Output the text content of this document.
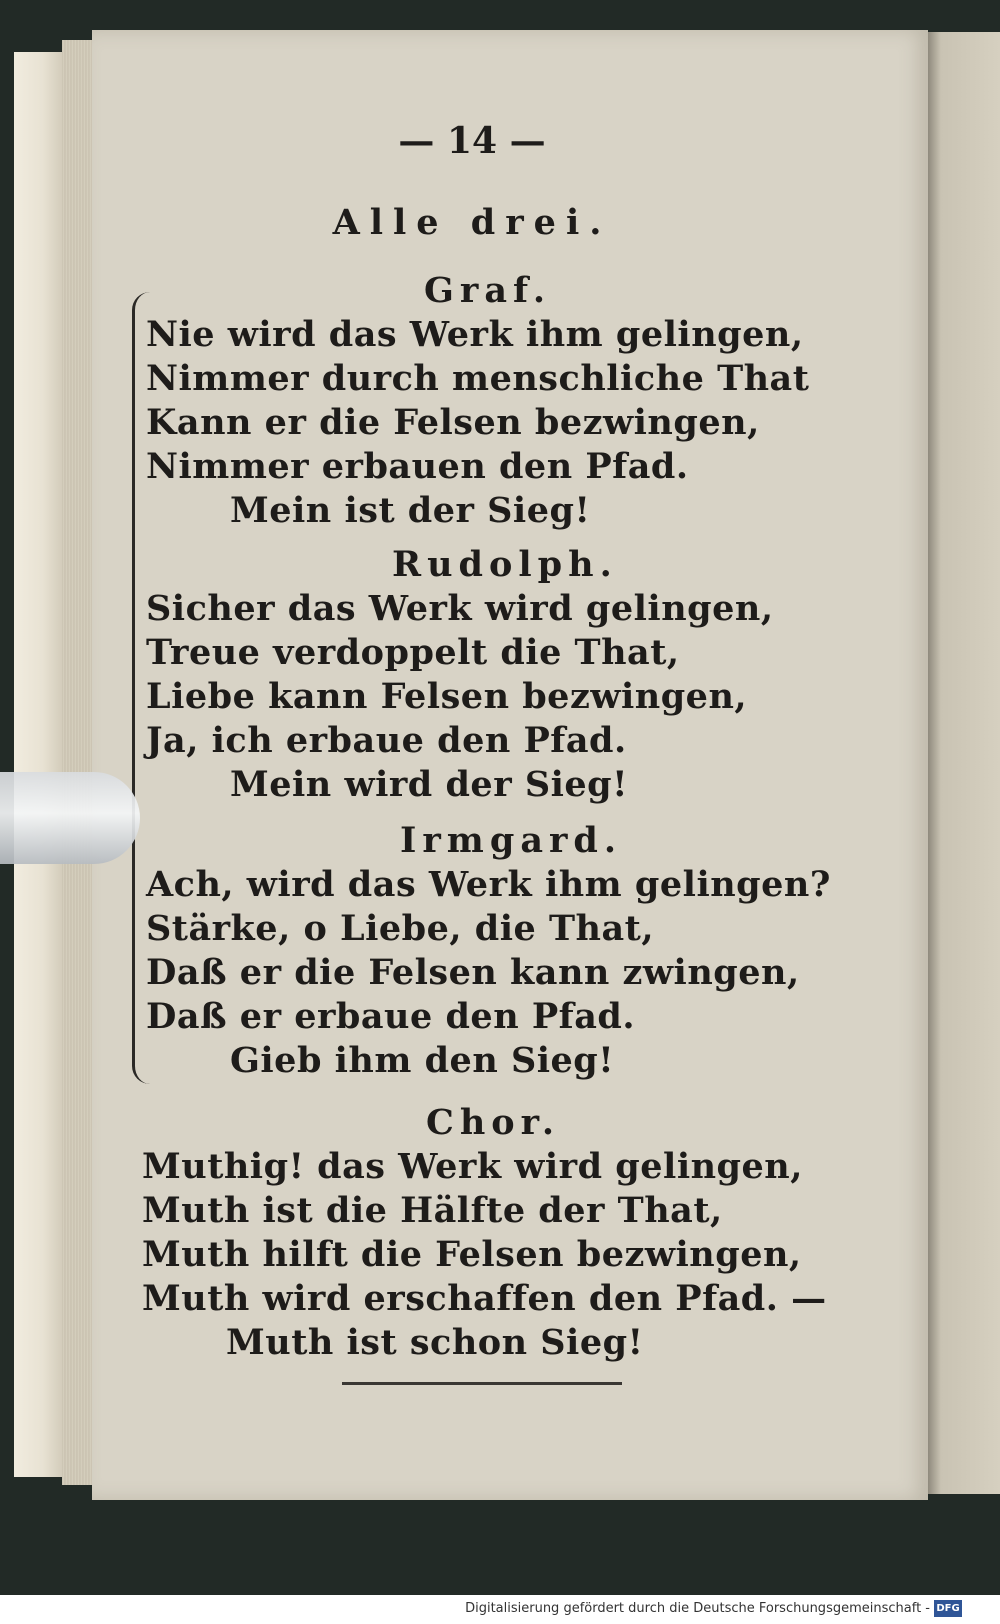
— 14 —
Alle drei.
Graf.
Nie wird das Werk ihm gelingen,
Nimmer durch menschliche That
Kann er die Felsen bezwingen,
Nimmer erbauen den Pfad.
Mein ist der Sieg!
Rudolph.
Sicher das Werk wird gelingen,
Treue verdoppelt die That,
Liebe kann Felsen bezwingen,
Ja, ich erbaue den Pfad.
Mein wird der Sieg!
Irmgard.
Ach, wird das Werk ihm gelingen?
Stärke, o Liebe, die That,
Daß er die Felsen kann zwingen,
Daß er erbaue den Pfad.
Gieb ihm den Sieg!
Chor.
Muthig! das Werk wird gelingen,
Muth ist die Hälfte der That,
Muth hilft die Felsen bezwingen,
Muth wird erschaffen den Pfad. —
Muth ist schon Sieg!
Digitalisierung gefördert durch die Deutsche Forschungsgemeinschaft - DFG
